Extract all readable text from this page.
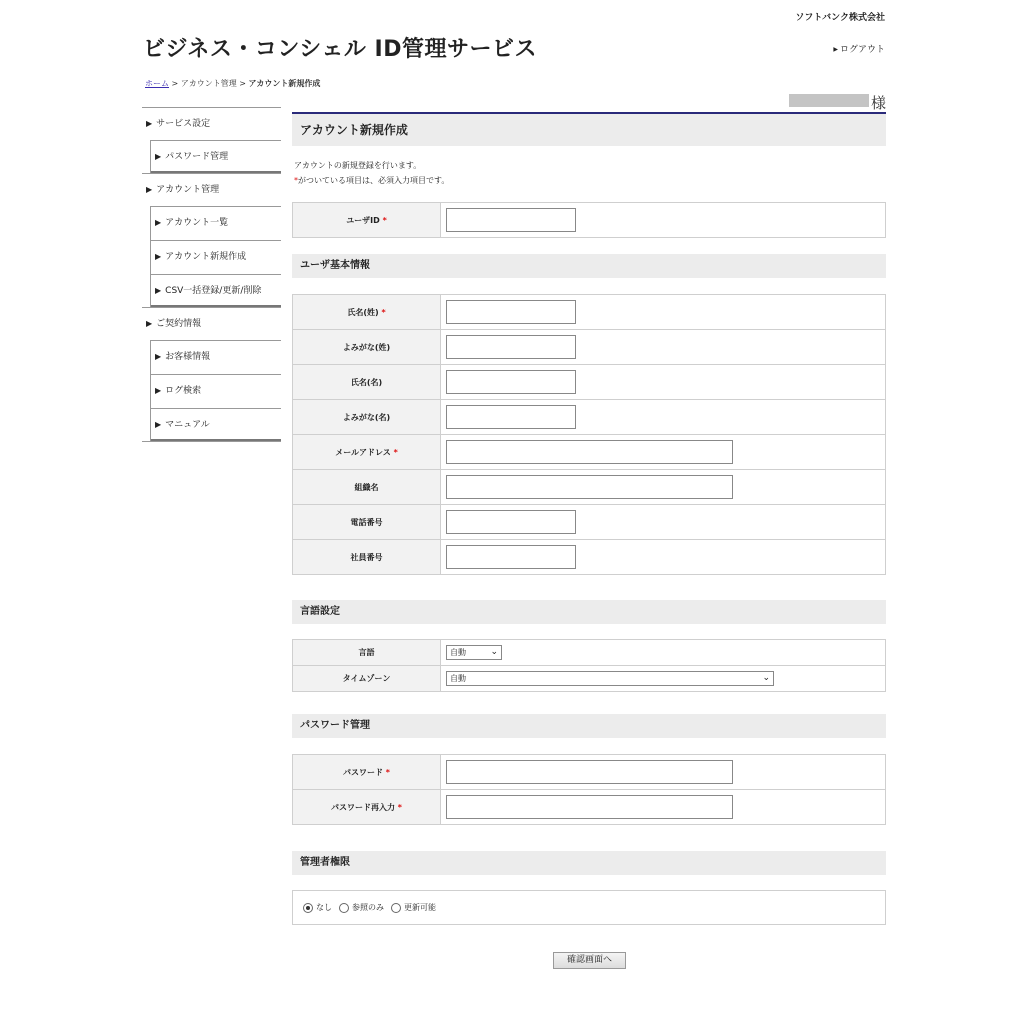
ソフトバンク株式会社
ビジネス・コンシェル ID管理サービス	▶ ログアウト
ホーム > アカウント管理 > アカウント新規作成
様
▶ サービス設定
▶ パスワード管理
▶ アカウント管理
▶ アカウント一覧
▶ アカウント新規作成
▶ CSV一括登録/更新/削除
▶ ご契約情報
▶ お客様情報
▶ ログ検索
▶ マニュアル
アカウント新規作成
アカウントの新規登録を行います。
*がついている項目は、必須入力項目です。
ユーザID *	
ユーザ基本情報
氏名(姓) *	
よみがな(姓)	
氏名(名)	
よみがな(名)	
メールアドレス *	
組織名	
電話番号	
社員番号	
言語設定
言語	自動 ⌄

タイムゾーン	自動 ⌄
パスワード管理
パスワード *	
パスワード再入力 *	
管理者権限
なし	参照のみ	更新可能
確認画面へ
